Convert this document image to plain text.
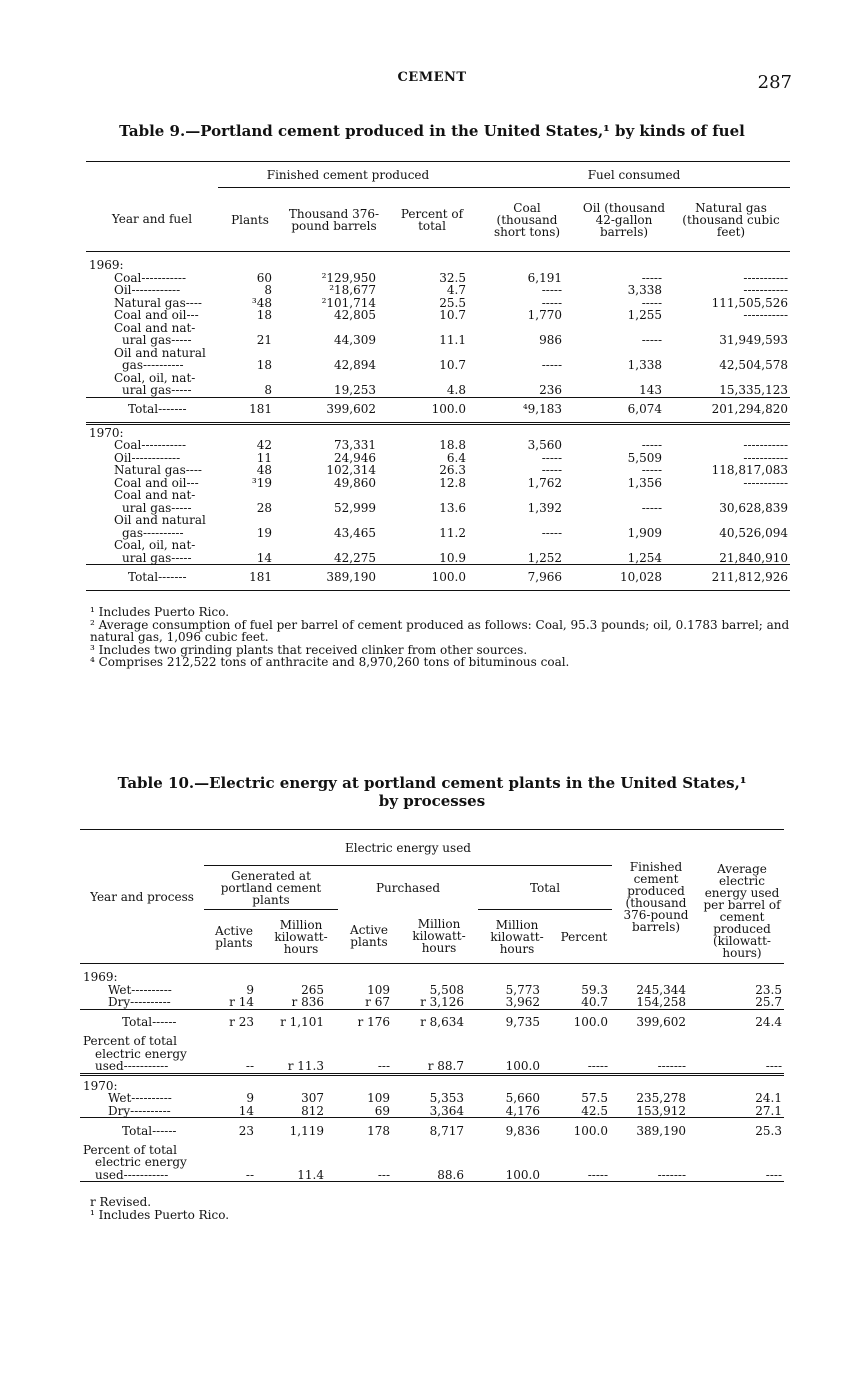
CEMENT	287
Table 9.—Portland cement produced in the United States,¹ by kinds of fuel
	Finished cement produced			Fuel consumed		
Year and fuel	Plants	Thousand 376-pound barrels	Percent of total	Coal (thousand short tons)	Oil (thousand 42-gallon barrels)	Natural gas (thousand cubic feet)
1969:						
Coal-----------	60	²129,950	32.5	6,191	-----	-----------
Oil------------	8	²18,677	4.7	-----	3,338	-----------
Natural gas----	³48	²101,714	25.5	-----	-----	111,505,526
Coal and oil---	18	42,805	10.7	1,770	1,255	-----------

Coal and nat-
ural gas-----	21	44,309	11.1	986	-----	31,949,593

Oil and natural
gas----------	18	42,894	10.7	-----	1,338	42,504,578

Coal, oil, nat-
ural gas-----	8	19,253	4.8	236	143	15,335,123
Total-------	181	399,602	100.0	⁴9,183	6,074	201,294,820
1970:						
Coal-----------	42	73,331	18.8	3,560	-----	-----------
Oil------------	11	24,946	6.4	-----	5,509	-----------
Natural gas----	48	102,314	26.3	-----	-----	118,817,083
Coal and oil---	³19	49,860	12.8	1,762	1,356	-----------

Coal and nat-
ural gas-----	28	52,999	13.6	1,392	-----	30,628,839

Oil and natural
gas----------	19	43,465	11.2	-----	1,909	40,526,094

Coal, oil, nat-
ural gas-----	14	42,275	10.9	1,252	1,254	21,840,910
Total-------	181	389,190	100.0	7,966	10,028	211,812,926
¹ Includes Puerto Rico.
² Average consumption of fuel per barrel of cement produced as follows: Coal, 95.3 pounds; oil, 0.1783 barrel; and natural gas, 1,096 cubic feet.
³ Includes two grinding plants that received clinker from other sources.
⁴ Comprises 212,522 tons of anthracite and 8,970,260 tons of bituminous coal.
Table 10.—Electric energy at portland cement plants in the United States,¹
by processes
Year and process	Electric energy used						Finished cement produced (thousand 376-pound barrels)	Average electric energy used per barrel of cement produced (kilowatt-hours)
	Generated at portland cement plants		Purchased		Total			
	Active plants	Million kilowatt-hours	Active plants	Million kilowatt-hours	Million kilowatt-hours	Percent		
1969:								
Wet----------	9	265	109	5,508	5,773	59.3	245,344	23.5
Dry----------	r 14	r 836	r 67	r 3,126	3,962	40.7	154,258	25.7
Total------	r 23	r 1,101	r 176	r 8,634	9,735	100.0	399,602	24.4

Percent of total
electric energy
used-----------	--	r 11.3	---	r 88.7	100.0	-----	-------	----
1970:								
Wet----------	9	307	109	5,353	5,660	57.5	235,278	24.1
Dry----------	14	812	69	3,364	4,176	42.5	153,912	27.1
Total------	23	1,119	178	8,717	9,836	100.0	389,190	25.3

Percent of total
electric energy
used-----------	--	11.4	---	88.6	100.0	-----	-------	----
r Revised.
¹ Includes Puerto Rico.
